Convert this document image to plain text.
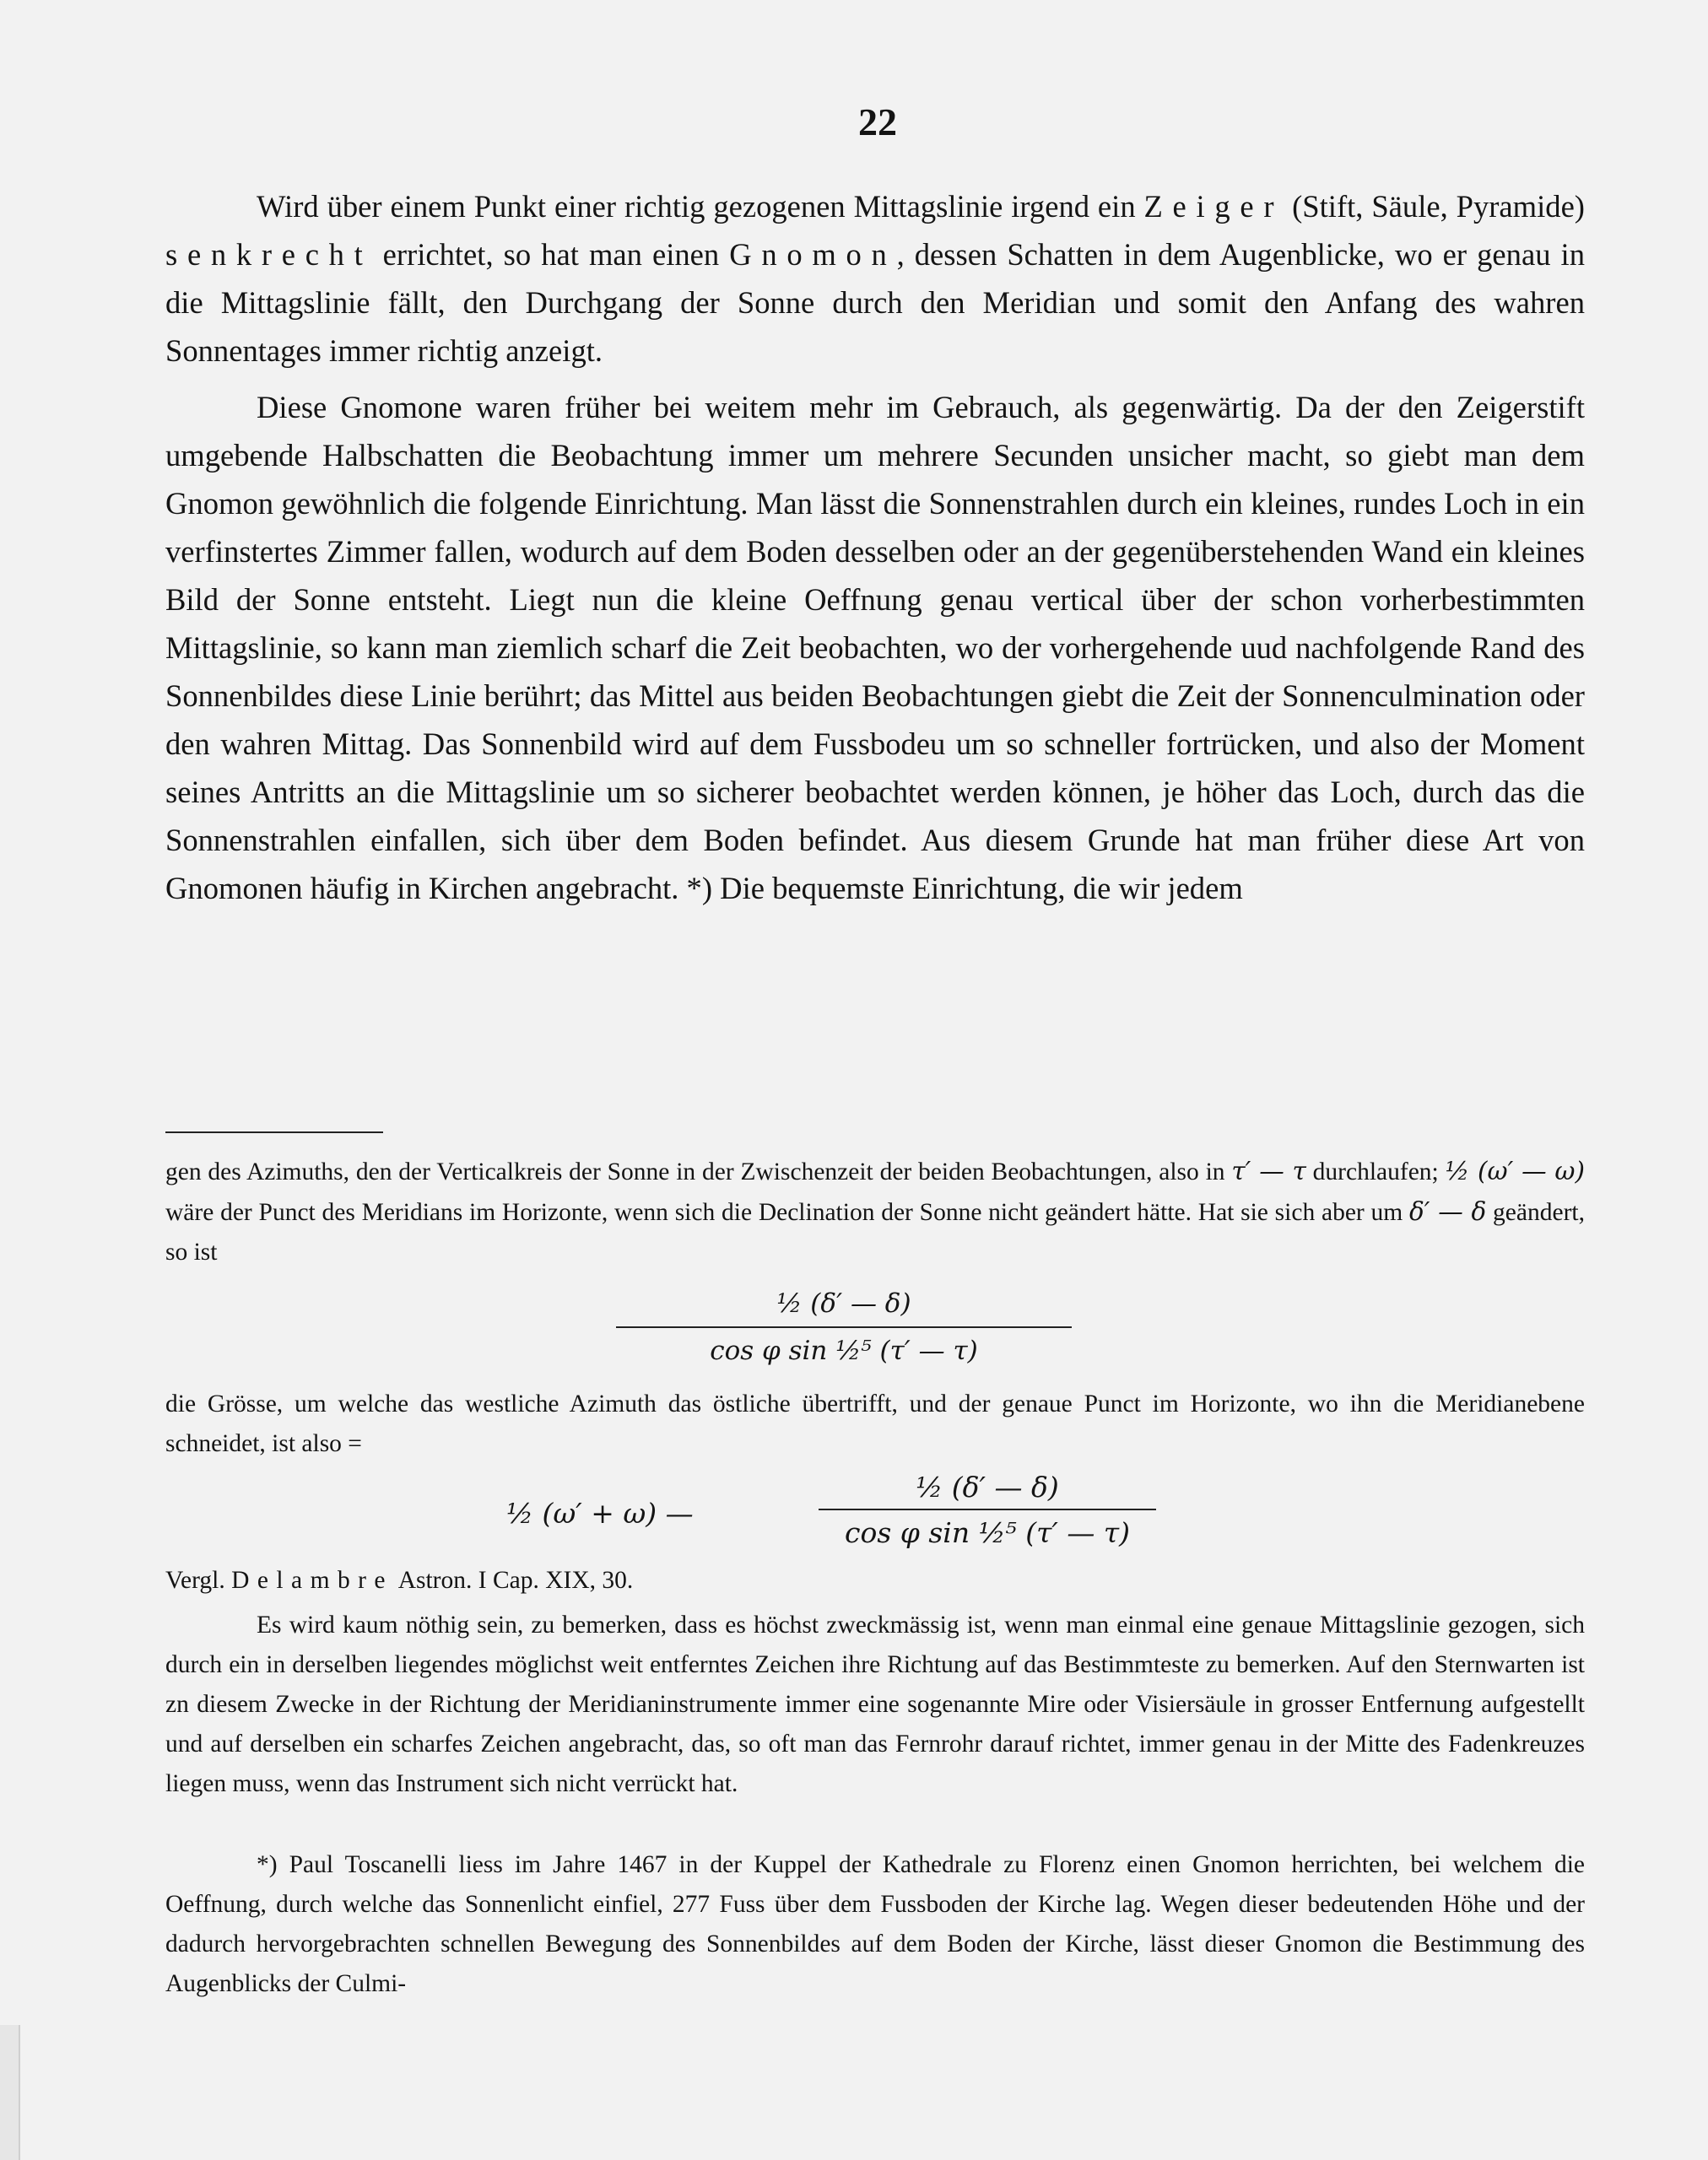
22

Wird über einem Punkt einer richtig gezogenen Mittagslinie irgend ein Zeiger (Stift, Säule, Pyramide) senkrecht errichtet, so hat man einen Gnomon, dessen Schatten in dem Augenblicke, wo er genau in die Mittagslinie fällt, den Durchgang der Sonne durch den Meridian und somit den Anfang des wahren Sonnentages immer richtig anzeigt.

Diese Gnomone waren früher bei weitem mehr im Gebrauch, als gegenwärtig. Da der den Zeigerstift umgebende Halbschatten die Beobachtung immer um mehrere Secunden unsicher macht, so giebt man dem Gnomon gewöhnlich die folgende Einrichtung. Man lässt die Sonnenstrahlen durch ein kleines, rundes Loch in ein verfinstertes Zimmer fallen, wodurch auf dem Boden desselben oder an der gegenüberstehenden Wand ein kleines Bild der Sonne entsteht. Liegt nun die kleine Oeffnung genau vertical über der schon vorherbestimmten Mittagslinie, so kann man ziemlich scharf die Zeit beobachten, wo der vorhergehende uud nachfolgende Rand des Sonnenbildes diese Linie berührt; das Mittel aus beiden Beobachtungen giebt die Zeit der Sonnenculmination oder den wahren Mittag. Das Sonnenbild wird auf dem Fussbodeu um so schneller fortrücken, und also der Moment seines Antritts an die Mittagslinie um so sicherer beobachtet werden können, je höher das Loch, durch das die Sonnenstrahlen einfallen, sich über dem Boden befindet. Aus diesem Grunde hat man früher diese Art von Gnomonen häufig in Kirchen angebracht. *) Die bequemste Einrichtung, die wir jedem

gen des Azimuths, den der Verticalkreis der Sonne in der Zwischenzeit der beiden Beobachtungen, also in τ′ — τ durchlaufen; ½ (ω′ — ω) wäre der Punct des Meridians im Horizonte, wenn sich die Declination der Sonne nicht geändert hätte. Hat sie sich aber um δ′ — δ geändert, so ist

½ (δ′ — δ)
cos φ sin ½⁵ (τ′ — τ)

die Grösse, um welche das westliche Azimuth das östliche übertrifft, und der genaue Punct im Horizonte, wo ihn die Meridianebene schneidet, ist also =

½ (ω′ + ω) —
½ (δ′ — δ)
cos φ sin ½⁵ (τ′ — τ)

Vergl. Delambre Astron. I Cap. XIX, 30.

Es wird kaum nöthig sein, zu bemerken, dass es höchst zweckmässig ist, wenn man einmal eine genaue Mittagslinie gezogen, sich durch ein in derselben liegendes möglichst weit entferntes Zeichen ihre Richtung auf das Bestimmteste zu bemerken. Auf den Sternwarten ist zn diesem Zwecke in der Richtung der Meridianinstrumente immer eine sogenannte Mire oder Visiersäule in grosser Entfernung aufgestellt und auf derselben ein scharfes Zeichen angebracht, das, so oft man das Fernrohr darauf richtet, immer genau in der Mitte des Fadenkreuzes liegen muss, wenn das Instrument sich nicht verrückt hat.

*) Paul Toscanelli liess im Jahre 1467 in der Kuppel der Kathedrale zu Florenz einen Gnomon herrichten, bei welchem die Oeffnung, durch welche das Sonnenlicht einfiel, 277 Fuss über dem Fussboden der Kirche lag. Wegen dieser bedeutenden Höhe und der dadurch hervorgebrachten schnellen Bewegung des Sonnenbildes auf dem Boden der Kirche, lässt dieser Gnomon die Bestimmung des Augenblicks der Culmi-
